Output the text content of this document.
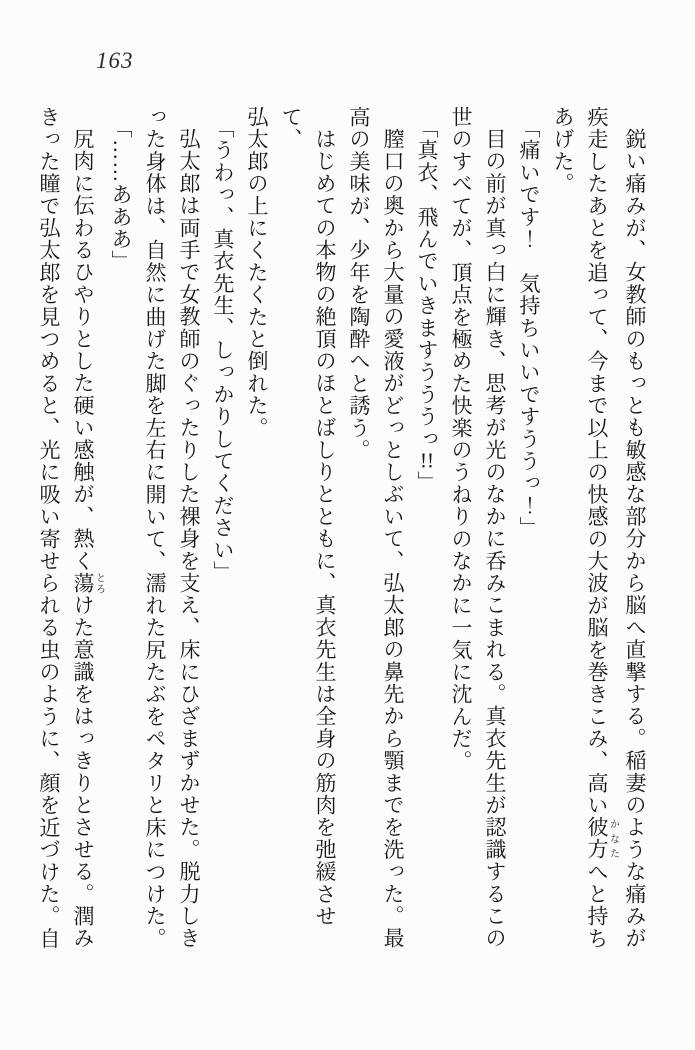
163

鋭い痛みが、女教師のもっとも敏感な部分から脳へ直撃する。稲妻のような痛みが

疾走したあとを追って、今まで以上の快感の大波が脳を巻きこみ、高い彼方かなたへと持ち

あげた。

「痛いです！　気持ちいいですううっ！」

目の前が真っ白に輝き、思考が光のなかに呑みこまれる。真衣先生が認識するこの

世のすべてが、頂点を極めた快楽のうねりのなかに一気に沈んだ。

「真衣、飛んでいきますうううっ!!」

膣口の奥から大量の愛液がどっとしぶいて、弘太郎の鼻先から顎までを洗った。最

高の美味が、少年を陶酔へと誘う。

はじめての本物の絶頂のほとばしりとともに、真衣先生は全身の筋肉を弛緩させて、

弘太郎の上にくたくたと倒れた。

「うわっ、真衣先生、しっかりしてください」

弘太郎は両手で女教師のぐったりした裸身を支え、床にひざまずかせた。脱力しき

った身体は、自然に曲げた脚を左右に開いて、濡れた尻たぶをペタリと床につけた。

「……あああ」

尻肉に伝わるひやりとした硬い感触が、熱く蕩とろけた意識をはっきりとさせる。潤み

きった瞳で弘太郎を見つめると、光に吸い寄せられる虫のように、顔を近づけた。自
